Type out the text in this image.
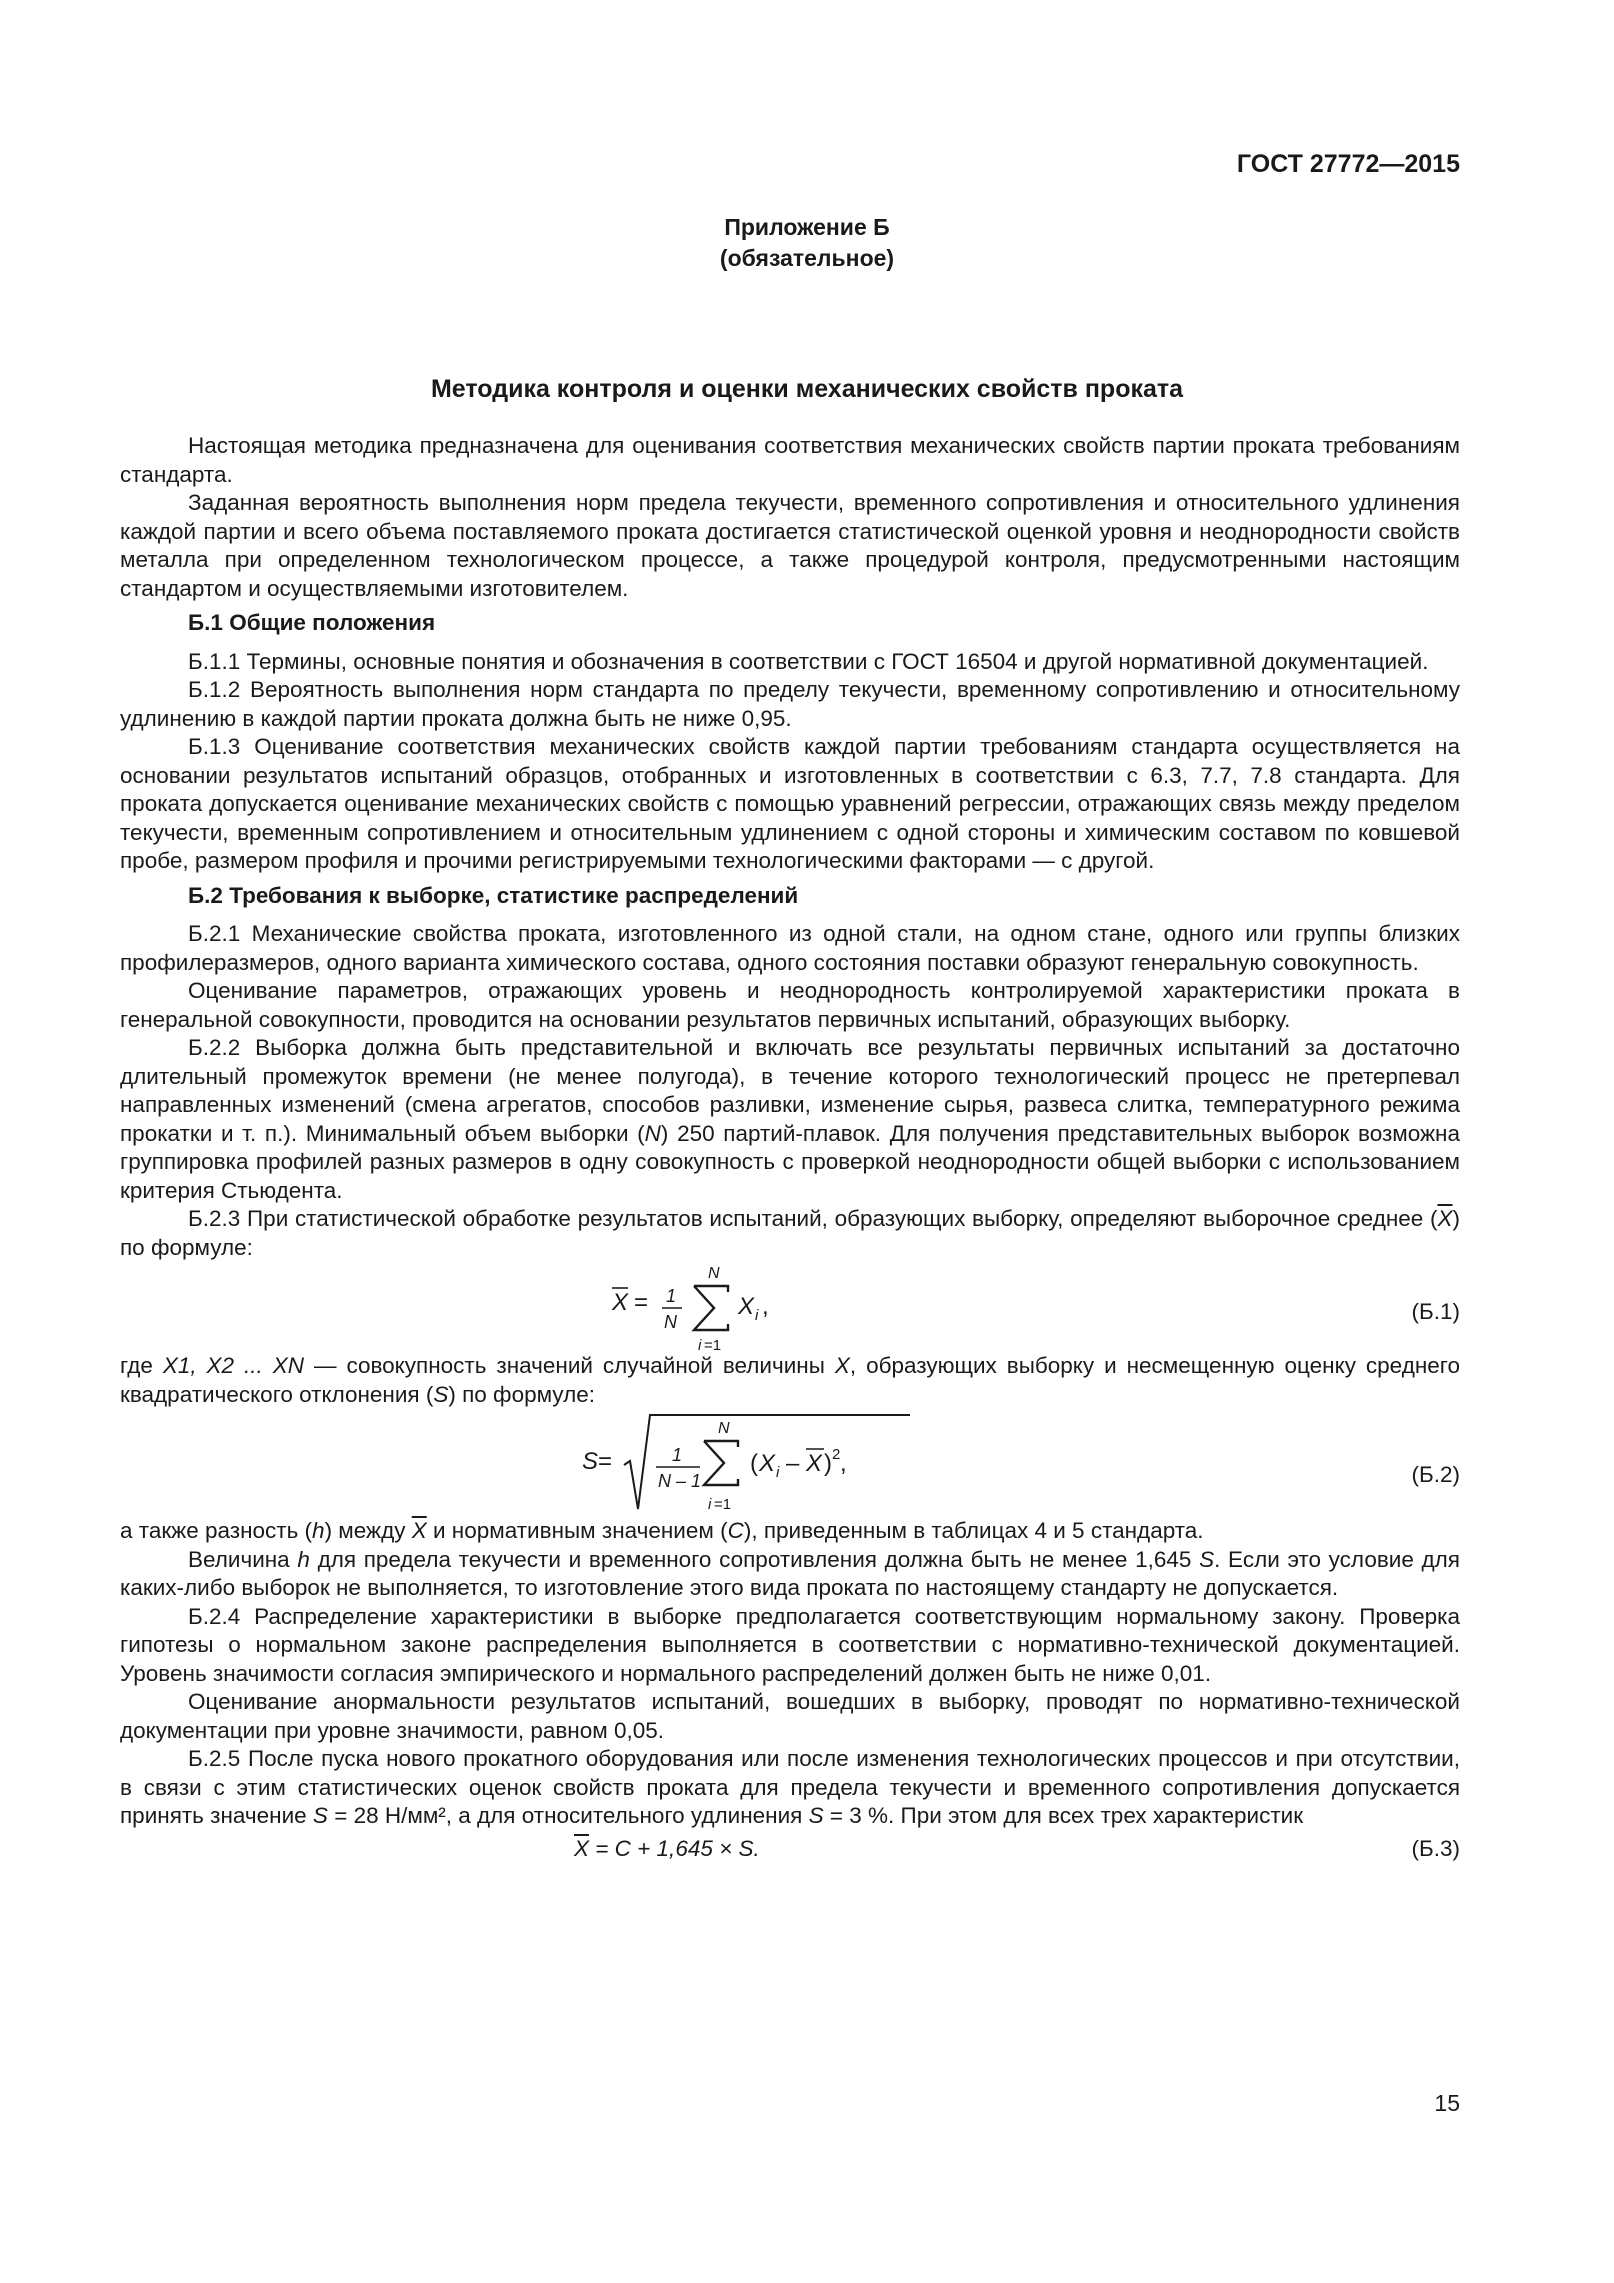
ГОСТ 27772—2015
Приложение Б
(обязательное)
Методика контроля и оценки механических свойств проката

Настоящая методика предназначена для оценивания соответствия механических свойств партии проката требованиям стандарта.

Заданная вероятность выполнения норм предела текучести, временного сопротивления и относительного удлинения каждой партии и всего объема поставляемого проката достигается статистической оценкой уровня и неоднородности свойств металла при определенном технологическом процессе, а также процедурой контроля, предусмотренными настоящим стандартом и осуществляемыми изготовителем.

Б.1 Общие положения

Б.1.1 Термины, основные понятия и обозначения в соответствии с ГОСТ 16504 и другой нормативной документацией.

Б.1.2 Вероятность выполнения норм стандарта по пределу текучести, временному сопротивлению и относительному удлинению в каждой партии проката должна быть не ниже 0,95.

Б.1.3 Оценивание соответствия механических свойств каждой партии требованиям стандарта осуществляется на основании результатов испытаний образцов, отобранных и изготовленных в соответствии с 6.3, 7.7, 7.8 стандарта. Для проката допускается оценивание механических свойств с помощью уравнений регрессии, отражающих связь между пределом текучести, временным сопротивлением и относительным удлинением с одной стороны и химическим составом по ковшевой пробе, размером профиля и прочими регистрируемыми технологическими факторами — с другой.

Б.2 Требования к выборке, статистике распределений

Б.2.1 Механические свойства проката, изготовленного из одной стали, на одном стане, одного или группы близких профилеразмеров, одного варианта химического состава, одного состояния поставки образуют генеральную совокупность.

Оценивание параметров, отражающих уровень и неоднородность контролируемой характеристики проката в генеральной совокупности, проводится на основании результатов первичных испытаний, образующих выборку.

Б.2.2 Выборка должна быть представительной и включать все результаты первичных испытаний за достаточно длительный промежуток времени (не менее полугода), в течение которого технологический процесс не претерпевал направленных изменений (смена агрегатов, способов разливки, изменение сырья, развеса слитка, температурного режима прокатки и т. п.). Минимальный объем выборки (N) 250 партий-плавок. Для получения представительных выборок возможна группировка профилей разных размеров в одну совокупность с проверкой неоднородности общей выборки с использованием критерия Стьюдента.

Б.2.3 При статистической обработке результатов испытаний, образующих выборку, определяют выборочное среднее $(\overline{X})$ по формуле:

X = 1
N
N
i =1
X i ,	(Б.1)

где X1, X2 ... XN — совокупность значений случайной величины X, образующих выборку и несмещенную оценку среднего квадратического отклонения (S) по формуле:

S =	1
N – 1
N
i =1
( X i – X ) 2 ,	(Б.2)

а также разность (h) между $\overline{X}$ и нормативным значением (C), приведенным в таблицах 4 и 5 стандарта.

Величина h для предела текучести и временного сопротивления должна быть не менее 1,645 S. Если это условие для каких-либо выборок не выполняется, то изготовление этого вида проката по настоящему стандарту не допускается.

Б.2.4 Распределение характеристики в выборке предполагается соответствующим нормальному закону. Проверка гипотезы о нормальном законе распределения выполняется в соответствии с нормативно-технической документацией. Уровень значимости согласия эмпирического и нормального распределений должен быть не ниже 0,01.

Оценивание анормальности результатов испытаний, вошедших в выборку, проводят по нормативно-технической документации при уровне значимости, равном 0,05.

Б.2.5 После пуска нового прокатного оборудования или после изменения технологических процессов и при отсутствии, в связи с этим статистических оценок свойств проката для предела текучести и временного сопротивления допускается принять значение S = 28 Н/мм², а для относительного удлинения S = 3 %. При этом для всех трех характеристик

$\overline{X} = C + 1,645 \times S$.	(Б.3)
15
